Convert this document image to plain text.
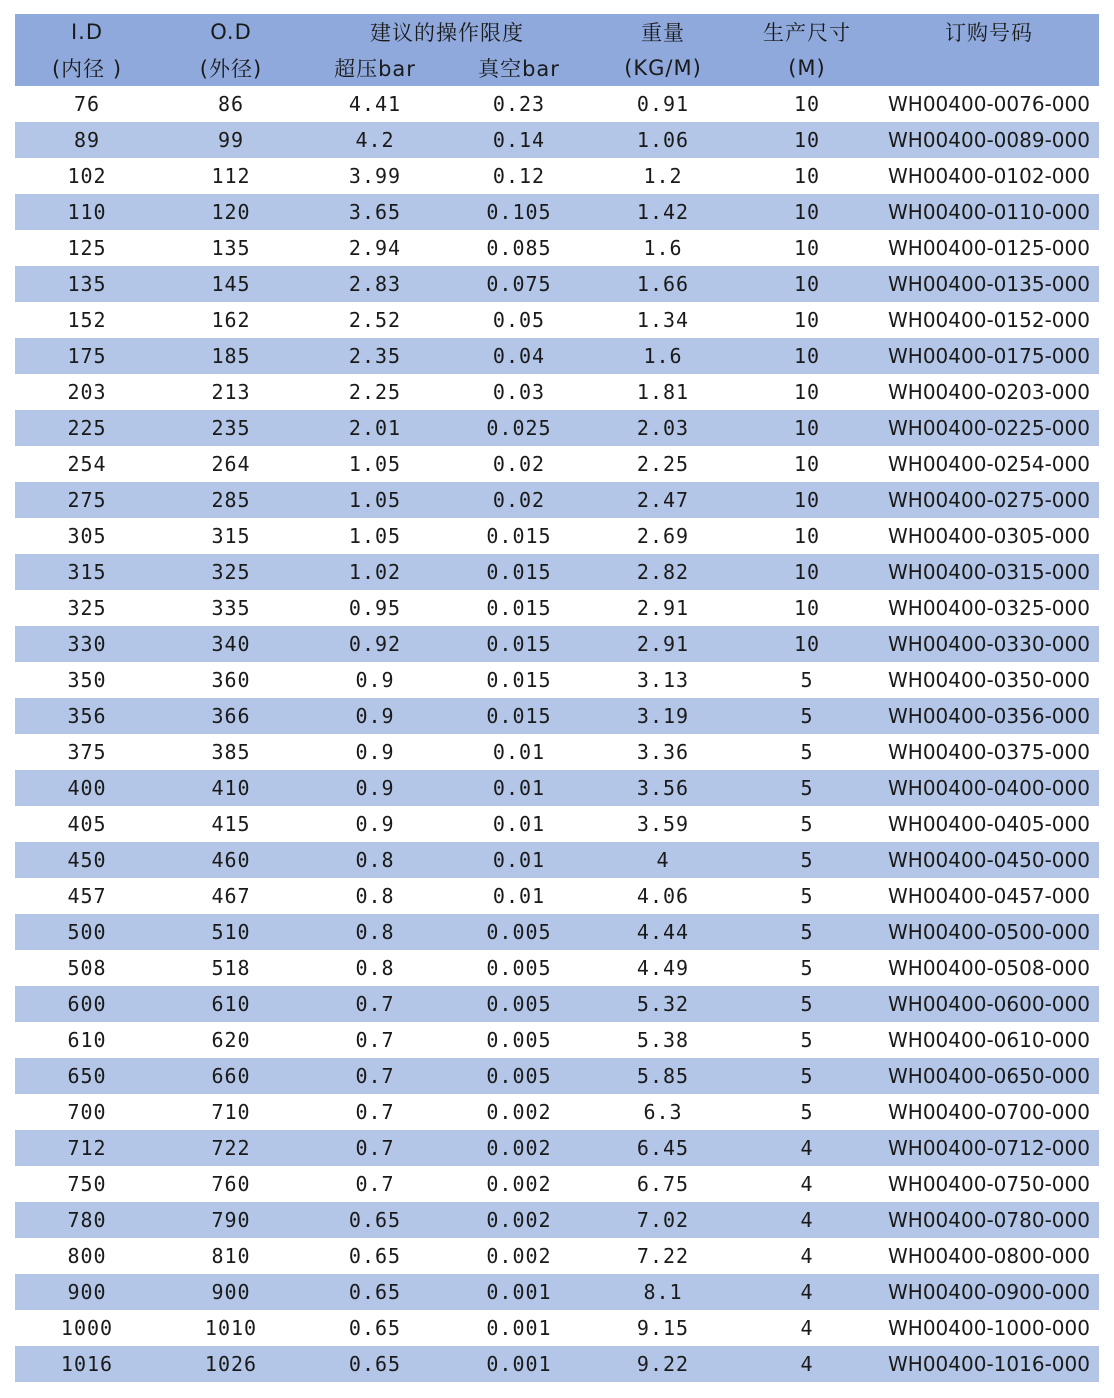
I.D	O.D	建议的操作限度		重量	生产尺寸	订购号码
(内径 )	(外径)	超压bar	真空bar	(KG/M)	(M)	
76	86	4.41	0.23	0.91	10	WH00400-0076-000
89	99	4.2	0.14	1.06	10	WH00400-0089-000
102	112	3.99	0.12	1.2	10	WH00400-0102-000
110	120	3.65	0.105	1.42	10	WH00400-0110-000
125	135	2.94	0.085	1.6	10	WH00400-0125-000
135	145	2.83	0.075	1.66	10	WH00400-0135-000
152	162	2.52	0.05	1.34	10	WH00400-0152-000
175	185	2.35	0.04	1.6	10	WH00400-0175-000
203	213	2.25	0.03	1.81	10	WH00400-0203-000
225	235	2.01	0.025	2.03	10	WH00400-0225-000
254	264	1.05	0.02	2.25	10	WH00400-0254-000
275	285	1.05	0.02	2.47	10	WH00400-0275-000
305	315	1.05	0.015	2.69	10	WH00400-0305-000
315	325	1.02	0.015	2.82	10	WH00400-0315-000
325	335	0.95	0.015	2.91	10	WH00400-0325-000
330	340	0.92	0.015	2.91	10	WH00400-0330-000
350	360	0.9	0.015	3.13	5	WH00400-0350-000
356	366	0.9	0.015	3.19	5	WH00400-0356-000
375	385	0.9	0.01	3.36	5	WH00400-0375-000
400	410	0.9	0.01	3.56	5	WH00400-0400-000
405	415	0.9	0.01	3.59	5	WH00400-0405-000
450	460	0.8	0.01	4	5	WH00400-0450-000
457	467	0.8	0.01	4.06	5	WH00400-0457-000
500	510	0.8	0.005	4.44	5	WH00400-0500-000
508	518	0.8	0.005	4.49	5	WH00400-0508-000
600	610	0.7	0.005	5.32	5	WH00400-0600-000
610	620	0.7	0.005	5.38	5	WH00400-0610-000
650	660	0.7	0.005	5.85	5	WH00400-0650-000
700	710	0.7	0.002	6.3	5	WH00400-0700-000
712	722	0.7	0.002	6.45	4	WH00400-0712-000
750	760	0.7	0.002	6.75	4	WH00400-0750-000
780	790	0.65	0.002	7.02	4	WH00400-0780-000
800	810	0.65	0.002	7.22	4	WH00400-0800-000
900	900	0.65	0.001	8.1	4	WH00400-0900-000
1000	1010	0.65	0.001	9.15	4	WH00400-1000-000
1016	1026	0.65	0.001	9.22	4	WH00400-1016-000
